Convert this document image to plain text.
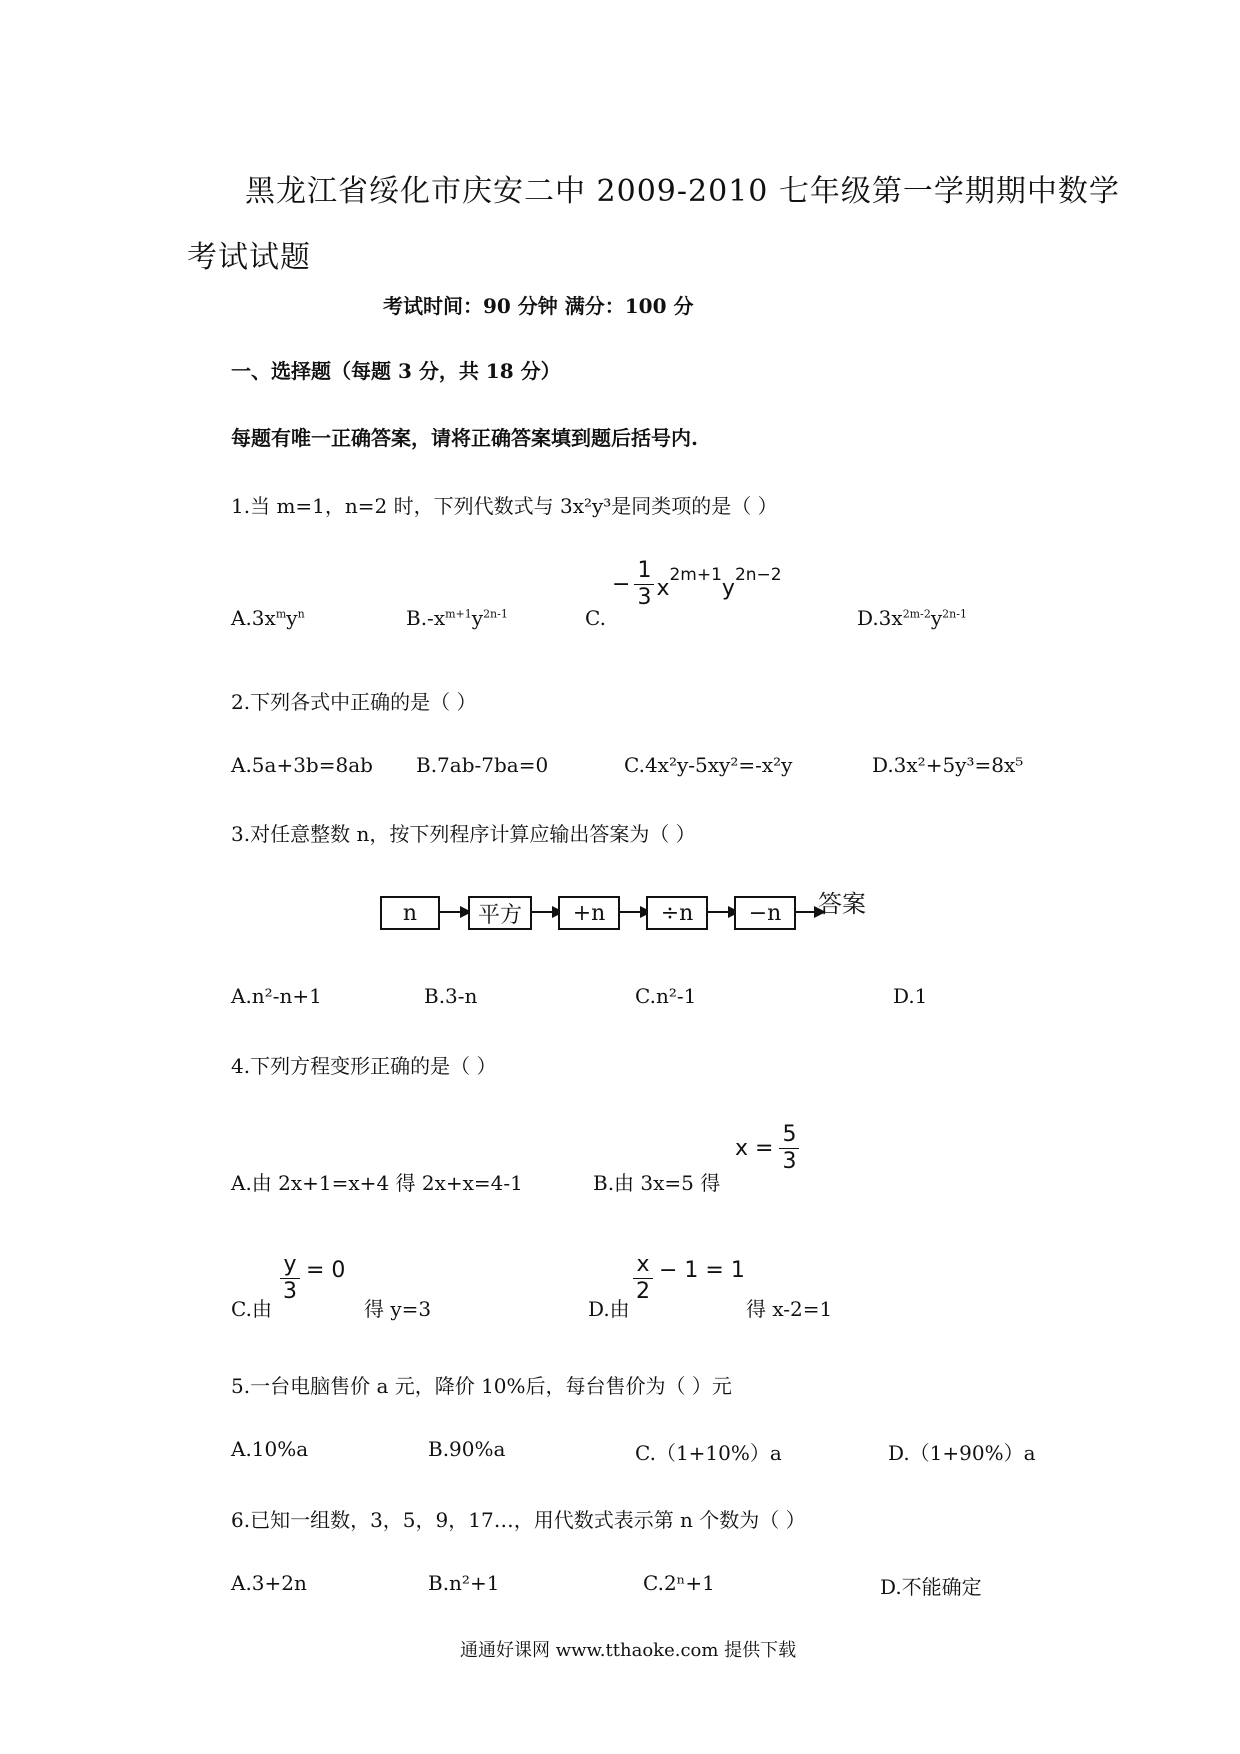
黑龙江省绥化市庆安二中 2009-2010 七年级第一学期期中数学
考试试题
考试时间：90 分钟 满分：100 分
一、选择题（每题 3 分，共 18 分）
每题有唯一正确答案，请将正确答案填到题后括号内.
1.当 m=1，n=2 时，下列代数式与 3x²y³是同类项的是（ ）
$A.3x^my^n$	$B.-x^{m+1}y^{2n-1}$	C.
− $\frac{1}{3}$ x
2m+1
y
2n−2
$D.3x^{2m-2}y^{2n-1}$
2.下列各式中正确的是（ ）
A.5a+3b=8ab B.7ab-7ba=0	C.4x²y-5xy²=-x²y	D.3x²+5y³=8x⁵
3.对任意整数 n，按下列程序计算应输出答案为（ ）
n	平方	+n	÷n	−n	答案
A.n²-n+1	B.3-n	C.n²-1	D.1
4.下列方程变形正确的是（ ）
A.由 2x+1=x+4 得 2x+x=4-1	B.由 3x=5 得
$x = \frac{5}{3}$
C.由
$\frac{y}{3} = 0$
得 y=3	D.由
$\frac{x}{2} - 1 = 1$
得 x-2=1
5.一台电脑售价 a 元，降价 10%后，每台售价为（ ）元
A.10%a	B.90%a	C.（1+10%）a	D.（1+90%）a
6.已知一组数，3，5，9，17…，用代数式表示第 n 个数为（ ）
A.3+2n	B.n²+1	C.2ⁿ+1	D.不能确定
通通好课网 www.tthaoke.com 提供下载
